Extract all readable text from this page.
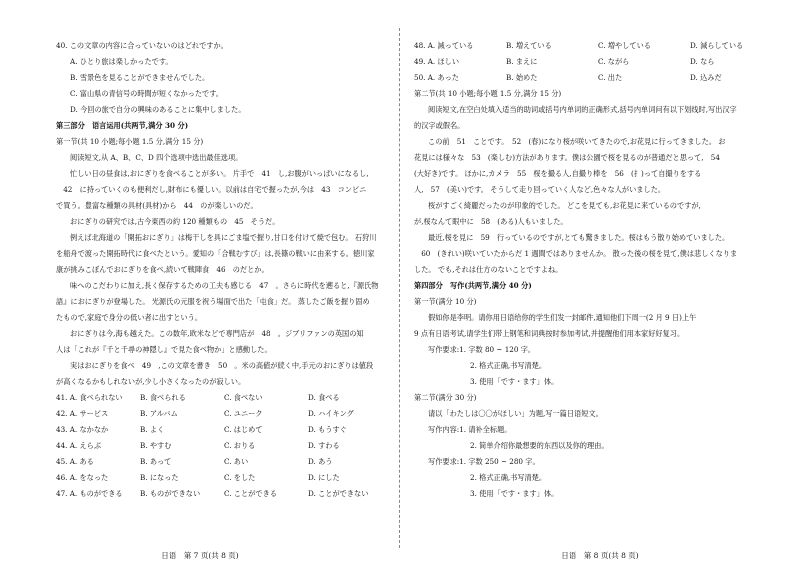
40. この文章の内容に合っていないのはどれですか。
A. ひとり旅は楽しかったです。
B. 雪景色を見ることができませんでした。
C. 富山県の青信号の時間が短くなかったです。
D. 今回の旅で自分の興味のあることに集中しました。
第三部分　语言运用(共两节,满分 30 分)
第一节(共 10 小题;每小题 1.5 分,满分 15 分)
阅读短文,从 A、B、C、D 四个选项中选出最佳选项。
忙しい日の昼食は,おにぎりを食べることが多い。 片手で　41　し,お腹がいっぱいになるし,
　42　に持っていくのも便利だし,財布にも優しい。以前は自宅で握ったが,今は　43　コンビニ
で買う。豊富な種類の具材(具材)から　44　のが楽しいのだ。
おにぎりの研究では,古今東西の約 120 種類もの　45　そうだ。
例えば北海道の「開拓おにぎり」は梅干しを具にごま塩で握り,甘口を付けて焼で包む。 石狩川
を船舟で渡った開拓時代に食べたという。愛知の「合戦むすび」は,長篠の戦いに由来する。徳川家
康が挑みこぼんでおにぎりを食べ,続いて戦陣食　46　のだとか。
味へのこだわりに加え,長く保存するための工夫も感じる　47　。さらに時代を遡ると,『源氏物
語』におにぎりが登場した。 光源氏の元服を祝う場面で出た「屯食」だ。 蒸したご飯を握り固め
たもので,家庭で身分の低い者に出すという。
おにぎりは今,海も越えた。この数年,欧米などで専門店が　48　。ジブリファンの英国の知
人は「これが『千と千尋の神隠し』で見た食べ物か」と感動した。
実はおにぎりを食べ　49　,この文章を書き　50　。米の高値が続く中,手元のおにぎりは値段
が高くなるかもしれないが,少し小さくなったのが寂しい。
41. A. 食べられない	B. 食べられる	C. 食べない	D. 食べる
42. A. サービス	B. アルバム	C. ユニーク	D. ハイキング
43. A. なかなか	B. よく	C. はじめて	D. もうすぐ
44. A. えらぶ	B. やすむ	C. おりる	D. すわる
45. A. ある	B. あって	C. あい	D. あう
46. A. をなった	B. になった	C. をした	D. にした
47. A. ものができる	B. ものができない	C. ことができる	D. ことができない
日语　第 7 页(共 8 页)
48. A. 減っている	B. 増えている	C. 増やしている	D. 減らしている
49. A. ほしい	B. まえに	C. ながら	D. なら
50. A. あった	B. 始めた	C. 出た	D. 込みだ
第二节(共 10 小题;每小题 1.5 分,满分 15 分)
阅读短文,在空白处填入适当的助词或括号内单词的正确形式,括号内单词问有以下划线时,写出汉字
的汉字或假名。
この前　51　ことです。　52　(春)になり桜が咲いてきたので,お花見に行ってきました。 お
花見には様々な　53　(楽しむ)方法があります。僕は公園で桜を見るのが普通だと思って,　54
(大好き)です。 ほかに,カメラ　55　桜を撮る人,自撮り棒を　56　(扌)って自撮りをする
人,　57　(美い)です。 そうして走り回っていく人など,色々な人がいました。
桜がすごく綺麗だったのが印象的でした。 どこを見ても,お花見に来ているのですが,
が,桜なんて眼中に　58　(ある)人もいました。
最近,桜を見に　59　行っているのですが,とても驚きました。桜はもう散り始めていました。
　60　(きれい)咲いていたからだ 1 週間ではありませんか。 散った後の桜を見て,僕は悲しくなりま
した。 でも,それは仕方のないことですよね。
第四部分　写作(共两节,满分 40 分)
第一节(满分 10 分)
假如你是李明。请你用日语给你的学生们发一封邮件,通知他们下周一(2 月 9 日)上午
9 点有日语考试,请学生们带上钢笔和词典按时参加考试,并提醒他们用本家好好复习。
写作要求:1. 字数 80 ~ 120 字。
2. 格式正确,书写清楚。
3. 使用「です・ます」体。
第二节(满分 30 分)
请以「わたしは〇〇がほしい」为题,写一篇日语短文。
写作内容:1. 请补全标题。
2. 简单介绍你最想要的东西以及你的理由。
写作要求:1. 字数 250 ~ 280 字。
2. 格式正确,书写清楚。
3. 使用「です・ます」体。
日语　第 8 页(共 8 页)
